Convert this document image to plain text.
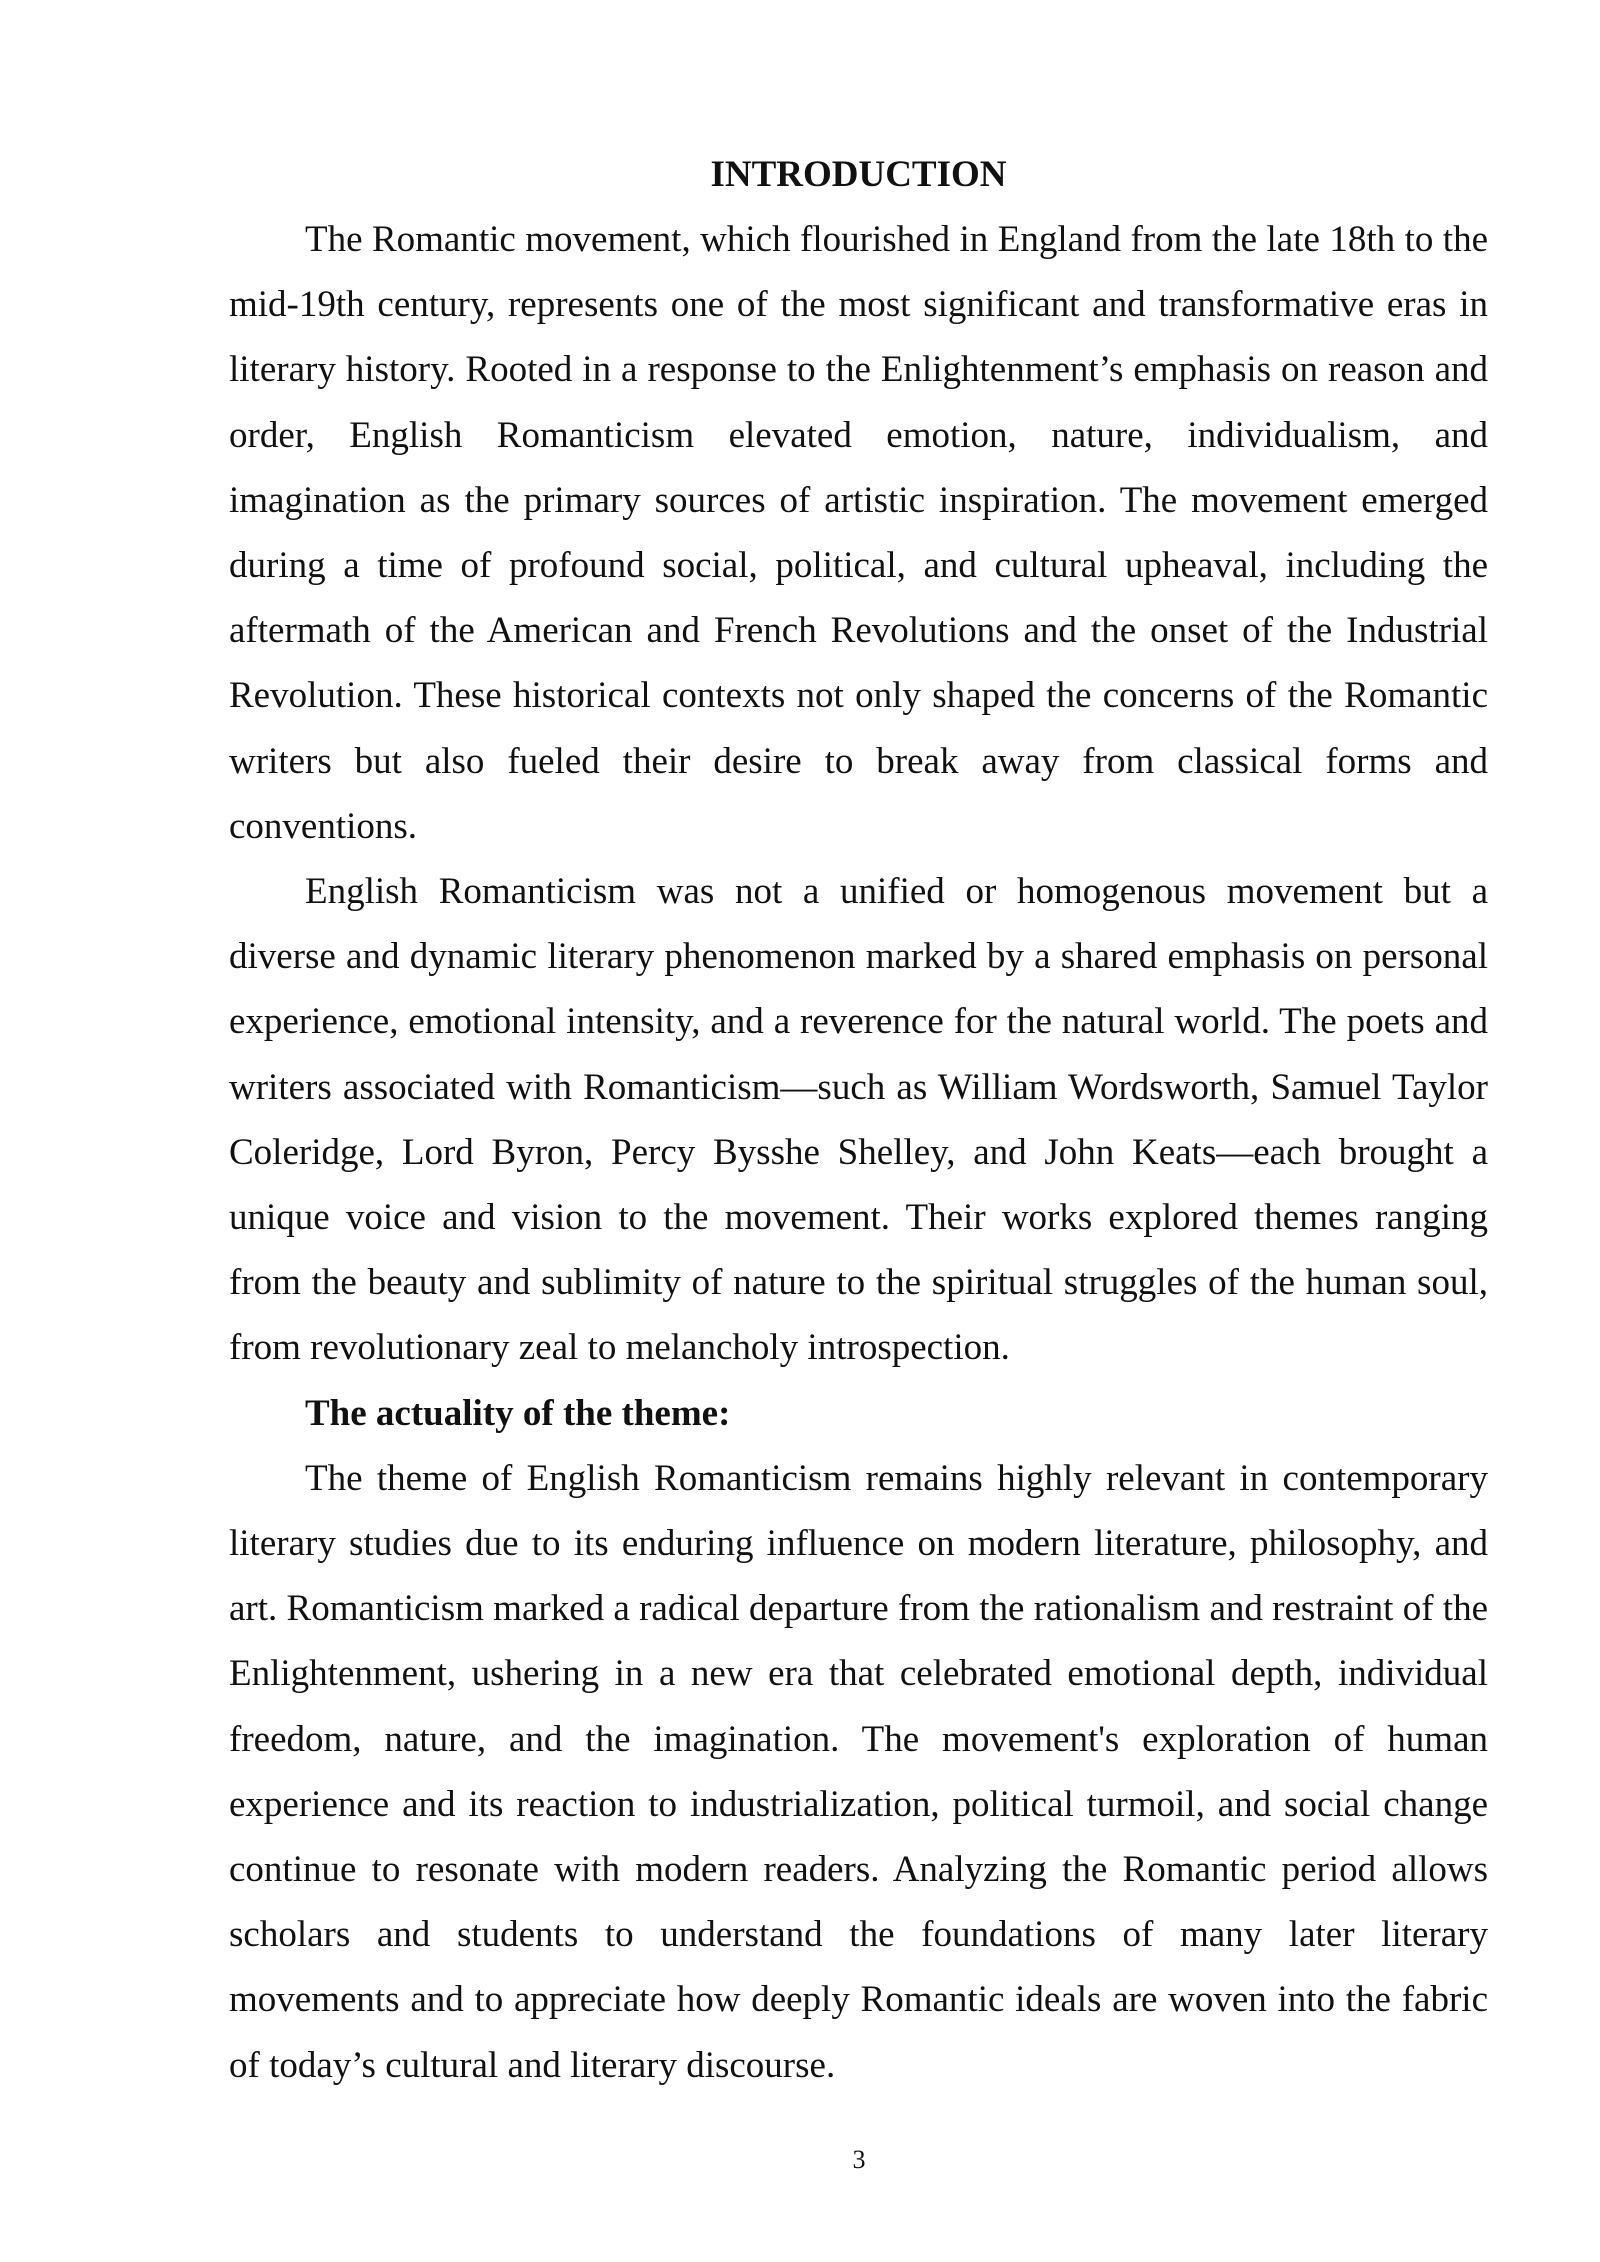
INTRODUCTION

The Romantic movement, which flourished in England from the late 18th to the mid-19th century, represents one of the most significant and transformative eras in literary history. Rooted in a response to the Enlightenment’s emphasis on reason and order, English Romanticism elevated emotion, nature, individualism, and imagination as the primary sources of artistic inspiration. The movement emerged during a time of profound social, political, and cultural upheaval, including the aftermath of the American and French Revolutions and the onset of the Industrial Revolution. These historical contexts not only shaped the concerns of the Romantic writers but also fueled their desire to break away from classical forms and conventions.

English Romanticism was not a unified or homogenous movement but a diverse and dynamic literary phenomenon marked by a shared emphasis on personal experience, emotional intensity, and a reverence for the natural world. The poets and writers associated with Romanticism—such as William Wordsworth, Samuel Taylor Coleridge, Lord Byron, Percy Bysshe Shelley, and John Keats—each brought a unique voice and vision to the movement. Their works explored themes ranging from the beauty and sublimity of nature to the spiritual struggles of the human soul, from revolutionary zeal to melancholy introspection.

The actuality of the theme:

The theme of English Romanticism remains highly relevant in contemporary literary studies due to its enduring influence on modern literature, philosophy, and art. Romanticism marked a radical departure from the rationalism and restraint of the Enlightenment, ushering in a new era that celebrated emotional depth, individual freedom, nature, and the imagination. The movement's exploration of human experience and its reaction to industrialization, political turmoil, and social change continue to resonate with modern readers. Analyzing the Romantic period allows scholars and students to understand the foundations of many later literary movements and to appreciate how deeply Romantic ideals are woven into the fabric of today’s cultural and literary discourse.

3
